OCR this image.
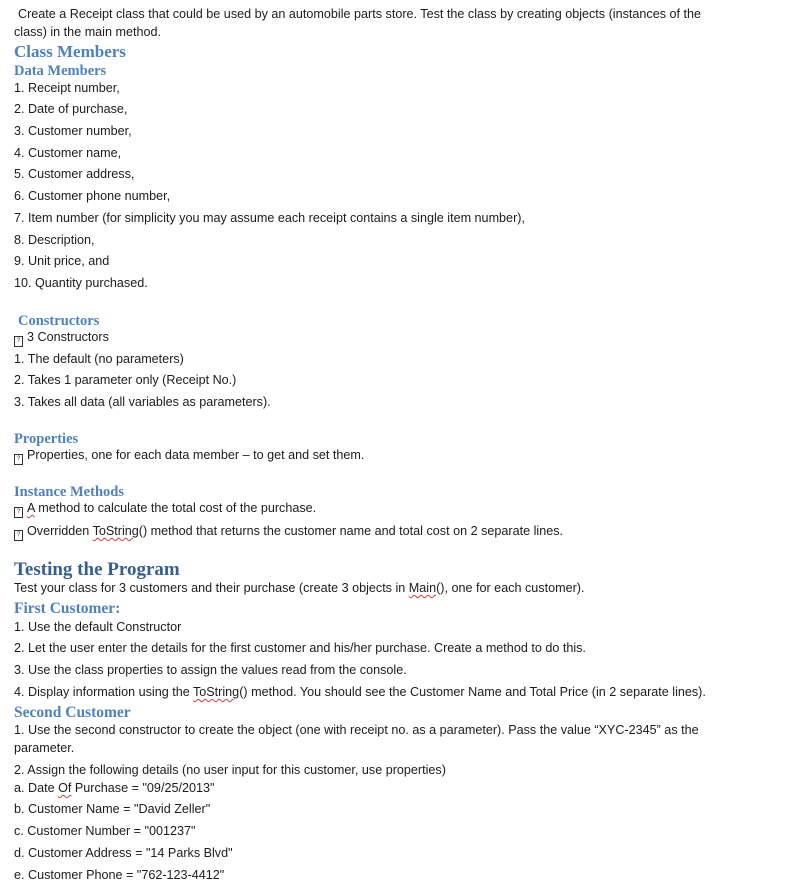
Create a Receipt class that could be used by an automobile parts store. Test the class by creating objects (instances of the
class) in the main method.
Class Members
Data Members
1. Receipt number,
2. Date of purchase,
3. Customer number,
4. Customer name,
5. Customer address,
6. Customer phone number,
7. Item number (for simplicity you may assume each receipt contains a single item number),
8. Description,
9. Unit price, and
10. Quantity purchased.
Constructors
? 3 Constructors
1. The default (no parameters)
2. Takes 1 parameter only (Receipt No.)
3. Takes all data (all variables as parameters).
Properties
? Properties, one for each data member – to get and set them.
Instance Methods
? A method to calculate the total cost of the purchase.
? Overridden ToString() method that returns the customer name and total cost on 2 separate lines.
Testing the Program
Test your class for 3 customers and their purchase (create 3 objects in Main(), one for each customer).
First Customer:
1. Use the default Constructor
2. Let the user enter the details for the first customer and his/her purchase. Create a method to do this.
3. Use the class properties to assign the values read from the console.
4. Display information using the ToString() method. You should see the Customer Name and Total Price (in 2 separate lines).
Second Customer
1. Use the second constructor to create the object (one with receipt no. as a parameter). Pass the value “XYC-2345” as the
parameter.
2. Assign the following details (no user input for this customer, use properties)
a. Date Of Purchase = "09/25/2013"
b. Customer Name = "David Zeller"
c. Customer Number = "001237"
d. Customer Address = "14 Parks Blvd"
e. Customer Phone = "762-123-4412"
